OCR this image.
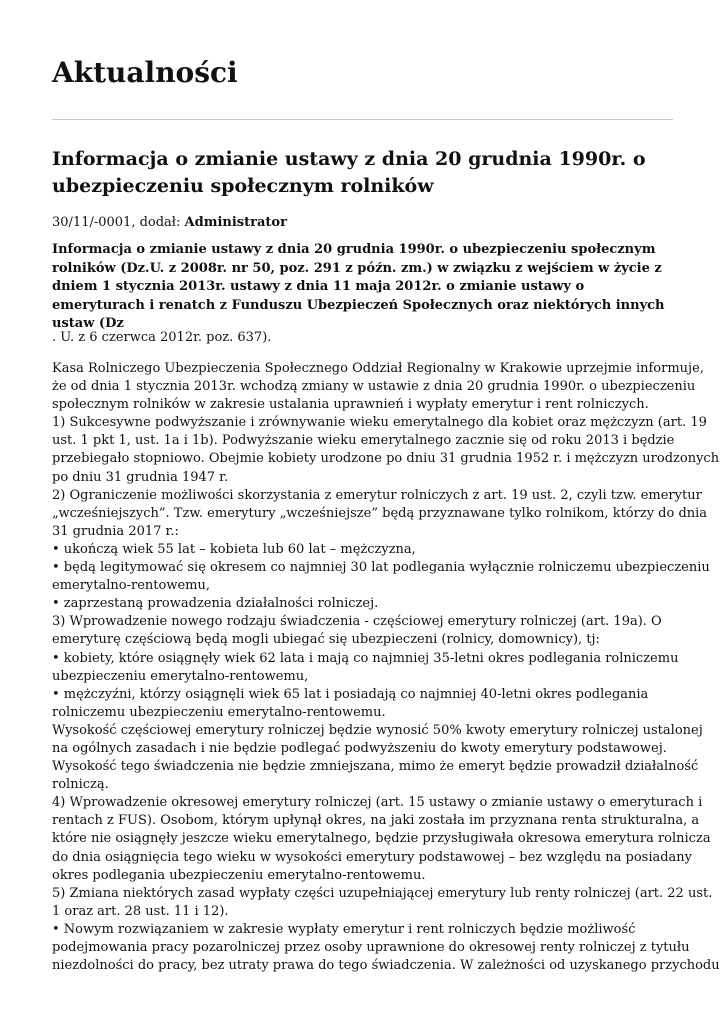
Aktualności
Informacja o zmianie ustawy z dnia 20 grudnia 1990r. o ubezpieczeniu społecznym rolników
30/11/-0001, dodał: Administrator
Informacja o zmianie ustawy z dnia 20 grudnia 1990r. o ubezpieczeniu społecznym rolników (Dz.U. z 2008r. nr 50, poz. 291 z późn. zm.) w związku z wejściem w życie z dniem 1 stycznia 2013r. ustawy z dnia 11 maja 2012r. o zmianie ustawy o emeryturach i renatch z Funduszu Ubezpieczeń Społecznych oraz niektórych innych ustaw (Dz
. U. z 6 czerwca 2012r. poz. 637).
Kasa Rolniczego Ubezpieczenia Społecznego Oddział Regionalny w Krakowie uprzejmie informuje,
że od dnia 1 stycznia 2013r. wchodzą zmiany w ustawie z dnia 20 grudnia 1990r. o ubezpieczeniu
społecznym rolników w zakresie ustalania uprawnień i wypłaty emerytur i rent rolniczych.
1) Sukcesywne podwyższanie i zrównywanie wieku emerytalnego dla kobiet oraz mężczyzn (art. 19
ust. 1 pkt 1, ust. 1a i 1b). Podwyższanie wieku emerytalnego zacznie się od roku 2013 i będzie
przebiegało stopniowo. Obejmie kobiety urodzone po dniu 31 grudnia 1952 r. i mężczyzn urodzonych
po dniu 31 grudnia 1947 r.
2) Ograniczenie możliwości skorzystania z emerytur rolniczych z art. 19 ust. 2, czyli tzw. emerytur
„wcześniejszych”. Tzw. emerytury „wcześniejsze” będą przyznawane tylko rolnikom, którzy do dnia
31 grudnia 2017 r.:
• ukończą wiek 55 lat – kobieta lub 60 lat – mężczyzna,
• będą legitymować się okresem co najmniej 30 lat podlegania wyłącznie rolniczemu ubezpieczeniu
emerytalno-rentowemu,
• zaprzestaną prowadzenia działalności rolniczej.
3) Wprowadzenie nowego rodzaju świadczenia - częściowej emerytury rolniczej (art. 19a). O
emeryturę częściową będą mogli ubiegać się ubezpieczeni (rolnicy, domownicy), tj:
• kobiety, które osiągnęły wiek 62 lata i mają co najmniej 35-letni okres podlegania rolniczemu
ubezpieczeniu emerytalno-rentowemu,
• mężczyźni, którzy osiągnęli wiek 65 lat i posiadają co najmniej 40-letni okres podlegania
rolniczemu ubezpieczeniu emerytalno-rentowemu.
Wysokość częściowej emerytury rolniczej będzie wynosić 50% kwoty emerytury rolniczej ustalonej
na ogólnych zasadach i nie będzie podlegać podwyższeniu do kwoty emerytury podstawowej.
Wysokość tego świadczenia nie będzie zmniejszana, mimo że emeryt będzie prowadził działalność
rolniczą.
4) Wprowadzenie okresowej emerytury rolniczej (art. 15 ustawy o zmianie ustawy o emeryturach i
rentach z FUS). Osobom, którym upłynął okres, na jaki została im przyznana renta strukturalna, a
które nie osiągnęły jeszcze wieku emerytalnego, będzie przysługiwała okresowa emerytura rolnicza
do dnia osiągnięcia tego wieku w wysokości emerytury podstawowej – bez względu na posiadany
okres podlegania ubezpieczeniu emerytalno-rentowemu.
5) Zmiana niektórych zasad wypłaty części uzupełniającej emerytury lub renty rolniczej (art. 22 ust.
1 oraz art. 28 ust. 11 i 12).
• Nowym rozwiązaniem w zakresie wypłaty emerytur i rent rolniczych będzie możliwość
podejmowania pracy pozarolniczej przez osoby uprawnione do okresowej renty rolniczej z tytułu
niezdolności do pracy, bez utraty prawa do tego świadczenia. W zależności od uzyskanego przychodu
